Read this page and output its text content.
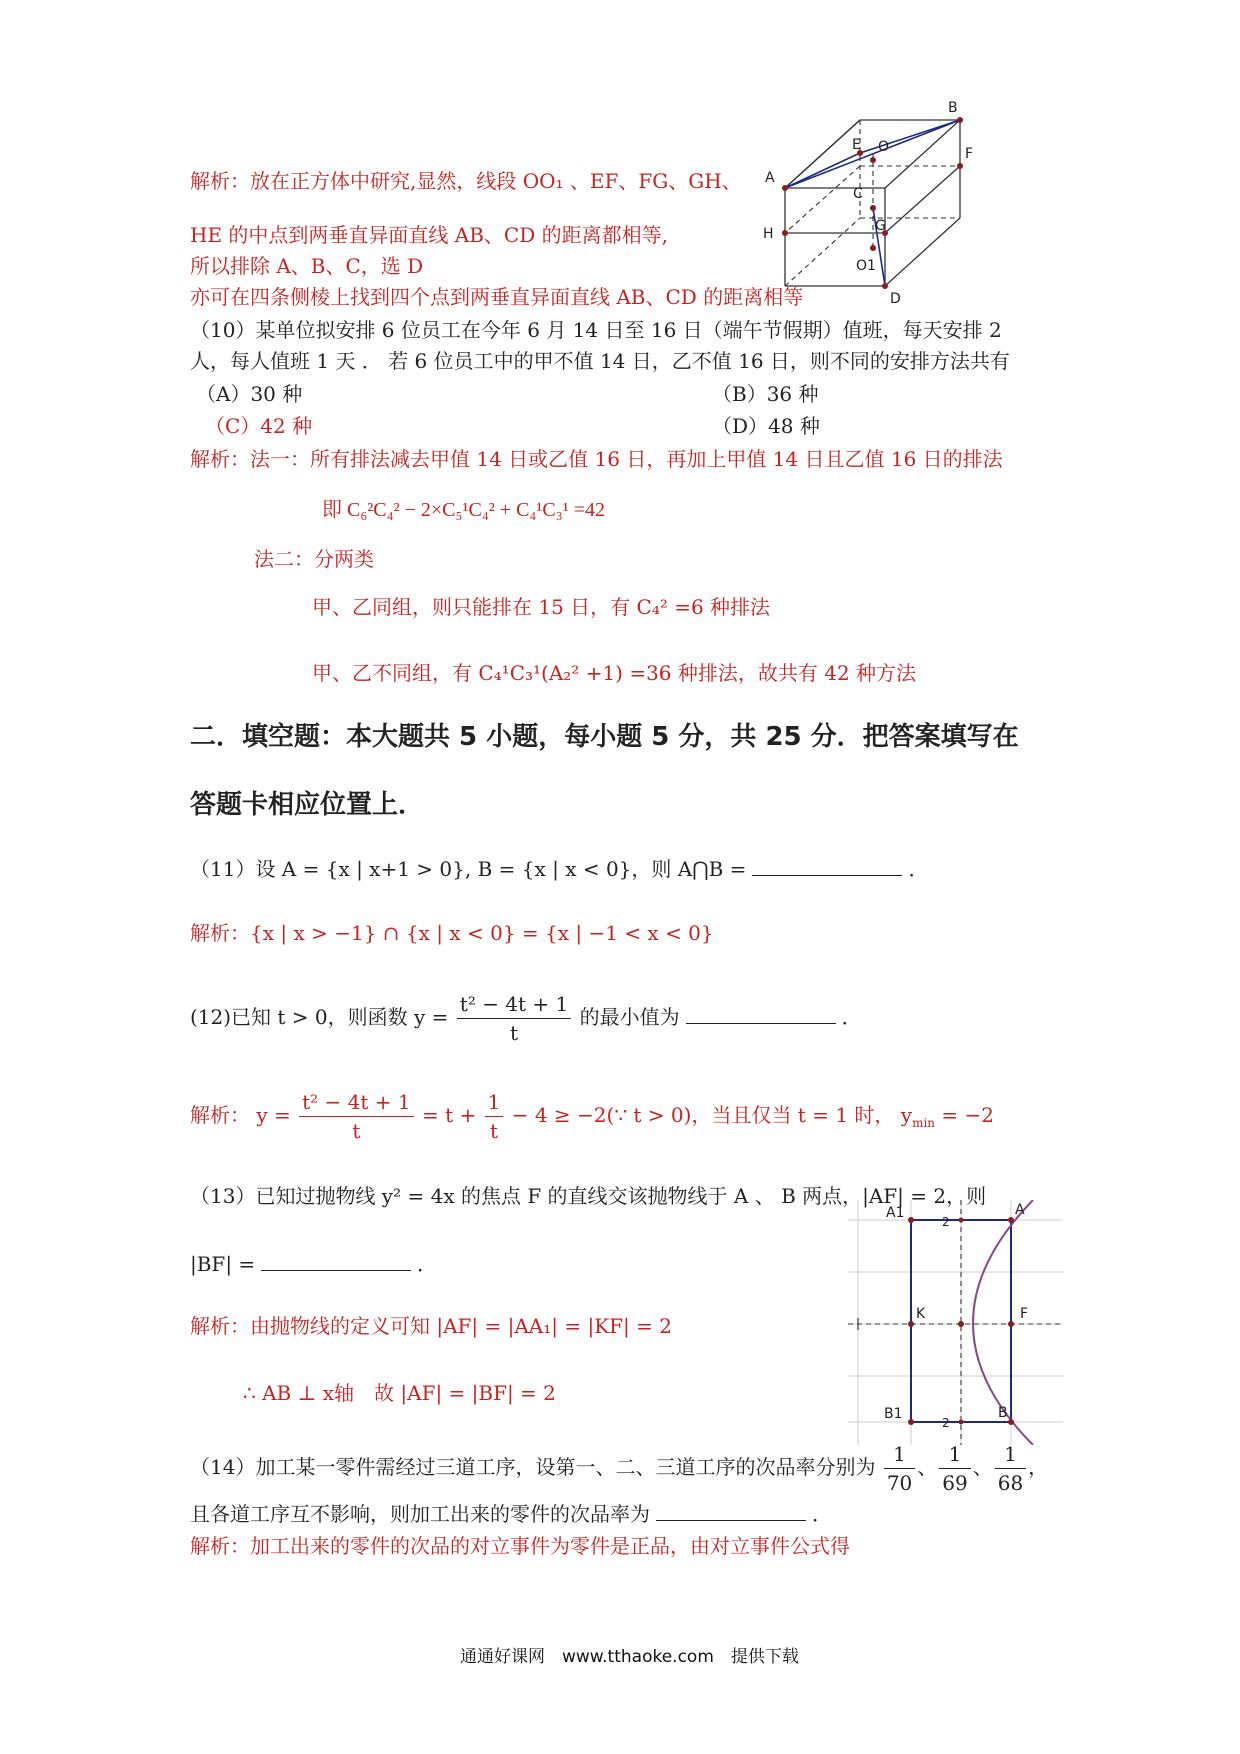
解析：放在正方体中研究,显然，线段 OO₁ 、EF、FG、GH、
HE 的中点到两垂直异面直线 AB、CD 的距离都相等,
所以排除 A、B、C，选 D
亦可在四条侧棱上找到四个点到两垂直异面直线 AB、CD 的距离相等
B
A
E O	F
C
H	G
O1
D
（10）某单位拟安排 6 位员工在今年 6 月 14 日至 16 日（端午节假期）值班，每天安排 2
人，每人值班 1 天 ． 若 6 位员工中的甲不值 14 日，乙不值 16 日，则不同的安排方法共有
（A）30 种	（B）36 种
（C）42 种	（D）48 种
解析：法一：所有排法减去甲值 14 日或乙值 16 日，再加上甲值 14 日且乙值 16 日的排法
即 C₆²C₄² − 2×C₅¹C₄² + C₄¹C₃¹ =42
法二：分两类
甲、乙同组，则只能排在 15 日，有 C₄² =6 种排法
甲、乙不同组，有 C₄¹C₃¹(A₂² +1) =36 种排法，故共有 42 种方法
二．填空题：本大题共 5 小题，每小题 5 分，共 25 分．把答案填写在
答题卡相应位置上．
（11）设 A = {x | x+1 > 0}, B = {x | x < 0}，则 A⋂B =	．
解析：{x | x > −1} ∩ {x | x < 0} = {x | −1 < x < 0}
(12)已知 t > 0，则函数 $y = \frac{\text{t² − 4t + 1}}{t}$ 的最小值为	．
解析： $y = \frac{\text{t² − 4t + 1}}{t} = t + \frac{1}{t} - 4$ ≥ −2(∵ t > 0)，当且仅当 t = 1 时， $y_{min} = -2$
（13）已知过抛物线 y² = 4x 的焦点 F 的直线交该抛物线于 A 、 B 两点，|AF| = 2，则
|BF| =	．
解析：由抛物线的定义可知 |AF| = |AA₁| = |KF| = 2
∴ AB ⊥ x轴　故 |AF| = |BF| = 2
A1
2
A
K	F
B1
2
B
（14）加工某一零件需经过三道工序，设第一、二、三道工序的次品率分别为 $\frac{1}{70}$ 、 $\frac{1}{69}$ 、 $\frac{1}{68}$ ，
且各道工序互不影响，则加工出来的零件的次品率为	．
解析：加工出来的零件的次品的对立事件为零件是正品，由对立事件公式得
通通好课网　www.tthaoke.com　提供下载
